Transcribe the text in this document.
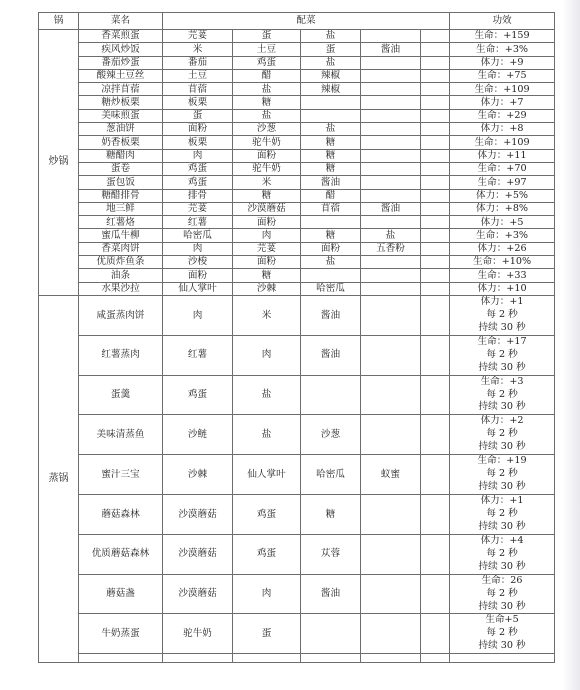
锅	菜名	配菜					功效
炒锅	香菜煎蛋	芫荽	蛋	盐			生命：+159
	疾风炒饭	米	土豆	蛋	酱油		生命：+3%
	番茄炒蛋	番茄	鸡蛋	盐			体力：+9
	酸辣土豆丝	土豆	醋	辣椒			生命：+75
	凉拌苜蓿	苜蓿	盐	辣椒			生命：+109
	糖炒板栗	板栗	糖				体力：+7
	美味煎蛋	蛋	盐				生命：+29
	葱油饼	面粉	沙葱	盐			体力：+8
	奶香板栗	板栗	驼牛奶	糖			生命：+109
	糖醋肉	肉	面粉	糖			体力：+11
	蛋卷	鸡蛋	驼牛奶	糖			生命：+70
	蛋包饭	鸡蛋	米	酱油			生命：+97
	糖醋排骨	排骨	糖	醋			体力：+5%
	地三鲜	芫荽	沙漠蘑菇	苜蓿	酱油		体力：+8%
	红薯烙	红薯	面粉				体力：+5
	蜜瓜牛柳	哈密瓜	肉	糖	盐		生命：+3%
	香菜肉饼	肉	芫荽	面粉	五香粉		体力：+26
	优质炸鱼条	沙梭	面粉	盐			生命：+10%
	油条	面粉	糖				生命：+33
	水果沙拉	仙人掌叶	沙棘	哈密瓜			体力：+10
蒸锅	咸蛋蒸肉饼	肉	米	酱油			体力：+1
每 2 秒
持续 30 秒

	红薯蒸肉	红薯	肉	酱油			生命：+17
每 2 秒
持续 30 秒

	蛋羹	鸡蛋	盐				生命：+3
每 2 秒
持续 30 秒

	美味清蒸鱼	沙鲢	盐	沙葱			体力：+2
每 2 秒
持续 30 秒

	蜜汁三宝	沙棘	仙人掌叶	哈密瓜	蚁蜜		生命：+19
每 2 秒
持续 30 秒

	蘑菇森林	沙漠蘑菇	鸡蛋	糖			体力：+1
每 2 秒
持续 30 秒

	优质蘑菇森林	沙漠蘑菇	鸡蛋	苁蓉			体力：+4
每 2 秒
持续 30 秒

	蘑菇盏	沙漠蘑菇	肉	酱油			生命：26
每 2 秒
持续 30 秒

	牛奶蒸蛋	驼牛奶	蛋				生命+5
每 2 秒
持续 30 秒
